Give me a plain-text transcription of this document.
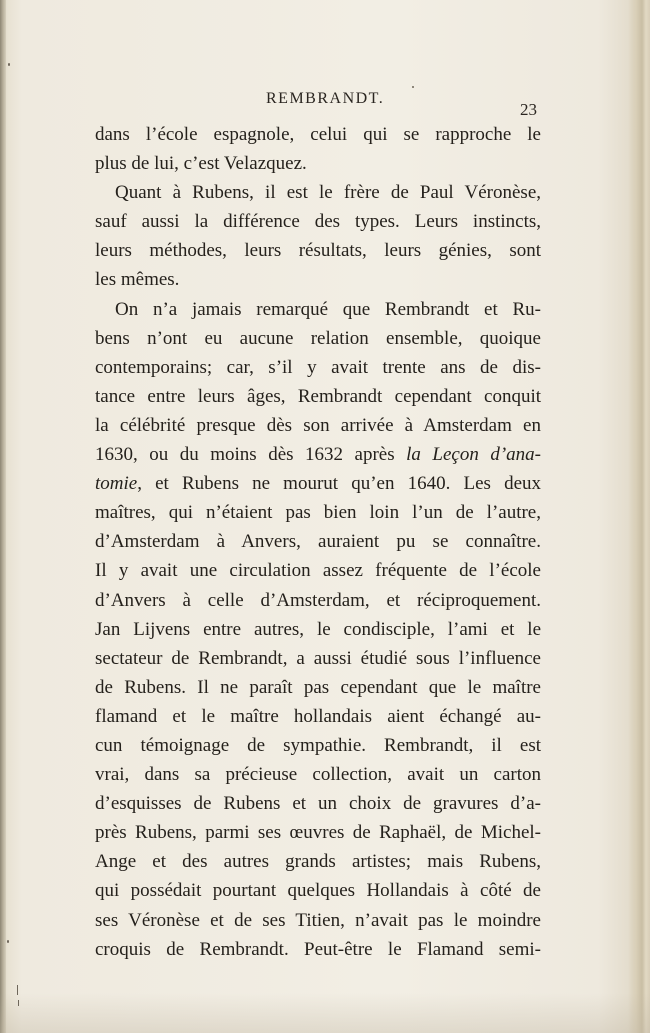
REMBRANDT.
23
dans l’école espagnole, celui qui se rapproche le
plus de lui, c’est Velazquez.
Quant à Rubens, il est le frère de Paul Véronèse,
sauf aussi la différence des types. Leurs instincts,
leurs méthodes, leurs résultats, leurs génies, sont
les mêmes.
On n’a jamais remarqué que Rembrandt et Ru-
bens n’ont eu aucune relation ensemble, quoique
contemporains; car, s’il y avait trente ans de dis-
tance entre leurs âges, Rembrandt cependant conquit
la célébrité presque dès son arrivée à Amsterdam en
1630, ou du moins dès 1632 après la Leçon d’ana-
tomie, et Rubens ne mourut qu’en 1640. Les deux
maîtres, qui n’étaient pas bien loin l’un de l’autre,
d’Amsterdam à Anvers, auraient pu se connaître.
Il y avait une circulation assez fréquente de l’école
d’Anvers à celle d’Amsterdam, et réciproquement.
Jan Lijvens entre autres, le condisciple, l’ami et le
sectateur de Rembrandt, a aussi étudié sous l’influence
de Rubens. Il ne paraît pas cependant que le maître
flamand et le maître hollandais aient échangé au-
cun témoignage de sympathie. Rembrandt, il est
vrai, dans sa précieuse collection, avait un carton
d’esquisses de Rubens et un choix de gravures d’a-
près Rubens, parmi ses œuvres de Raphaël, de Michel-
Ange et des autres grands artistes; mais Rubens,
qui possédait pourtant quelques Hollandais à côté de
ses Véronèse et de ses Titien, n’avait pas le moindre
croquis de Rembrandt. Peut-être le Flamand semi-
